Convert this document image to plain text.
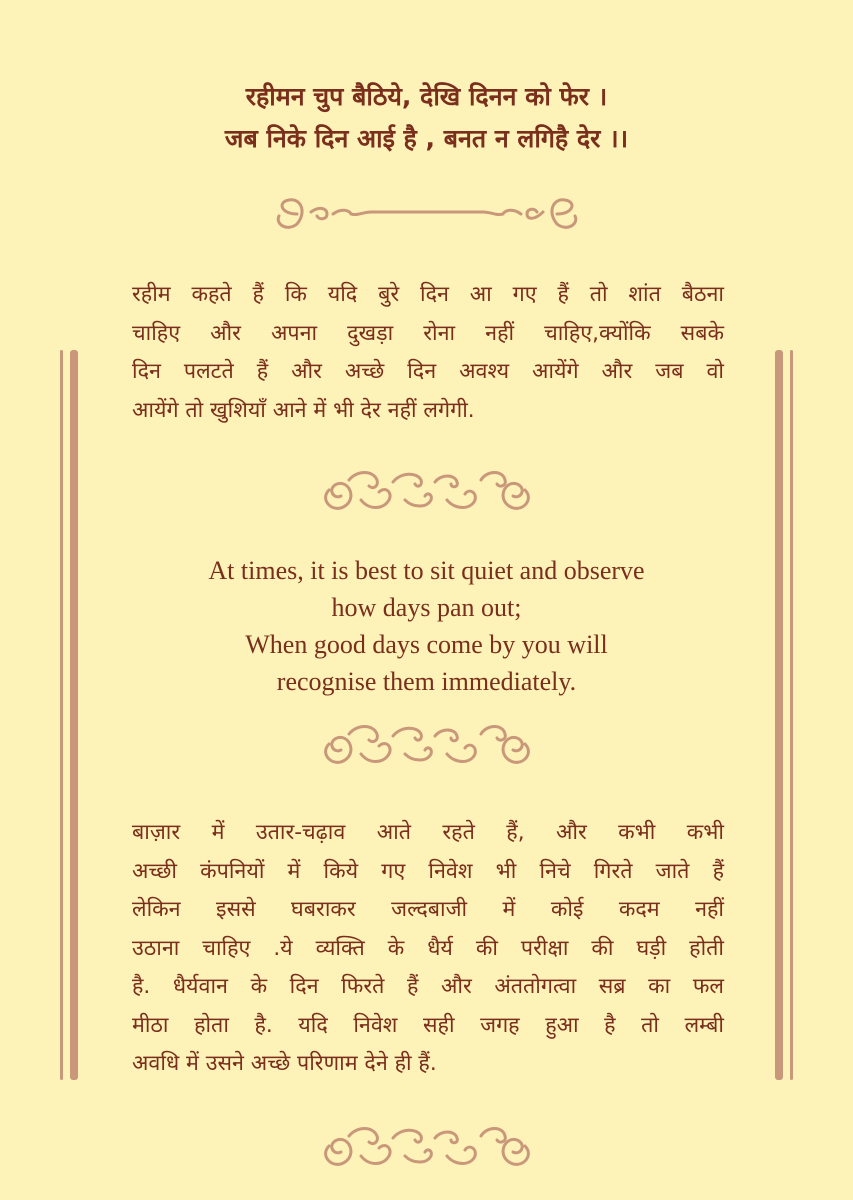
रहीमन चुप बैठिये, देखि दिनन को फेर ।
जब निके दिन आई है , बनत न लगिहै देर ।।
रहीम कहते हैं कि यदि बुरे दिन आ गए हैं तो शांत बैठना
चाहिए और अपना दुखड़ा रोना नहीं चाहिए,क्योंकि सबके
दिन पलटते हैं और अच्छे दिन अवश्य आयेंगे और जब वो
आयेंगे तो खुशियाँ आने में भी देर नहीं लगेगी.
At times, it is best to sit quiet and observe
how days pan out;
When good days come by you will
recognise them immediately.
बाज़ार में उतार-चढ़ाव आते रहते हैं, और कभी कभी
अच्छी कंपनियों में किये गए निवेश भी निचे गिरते जाते हैं
लेकिन इससे घबराकर जल्दबाजी में कोई कदम नहीं
उठाना चाहिए .ये व्यक्ति के धैर्य की परीक्षा की घड़ी होती
है. धैर्यवान के दिन फिरते हैं और अंततोगत्वा सब्र का फल
मीठा होता है. यदि निवेश सही जगह हुआ है तो लम्बी
अवधि में उसने अच्छे परिणाम देने ही हैं.
